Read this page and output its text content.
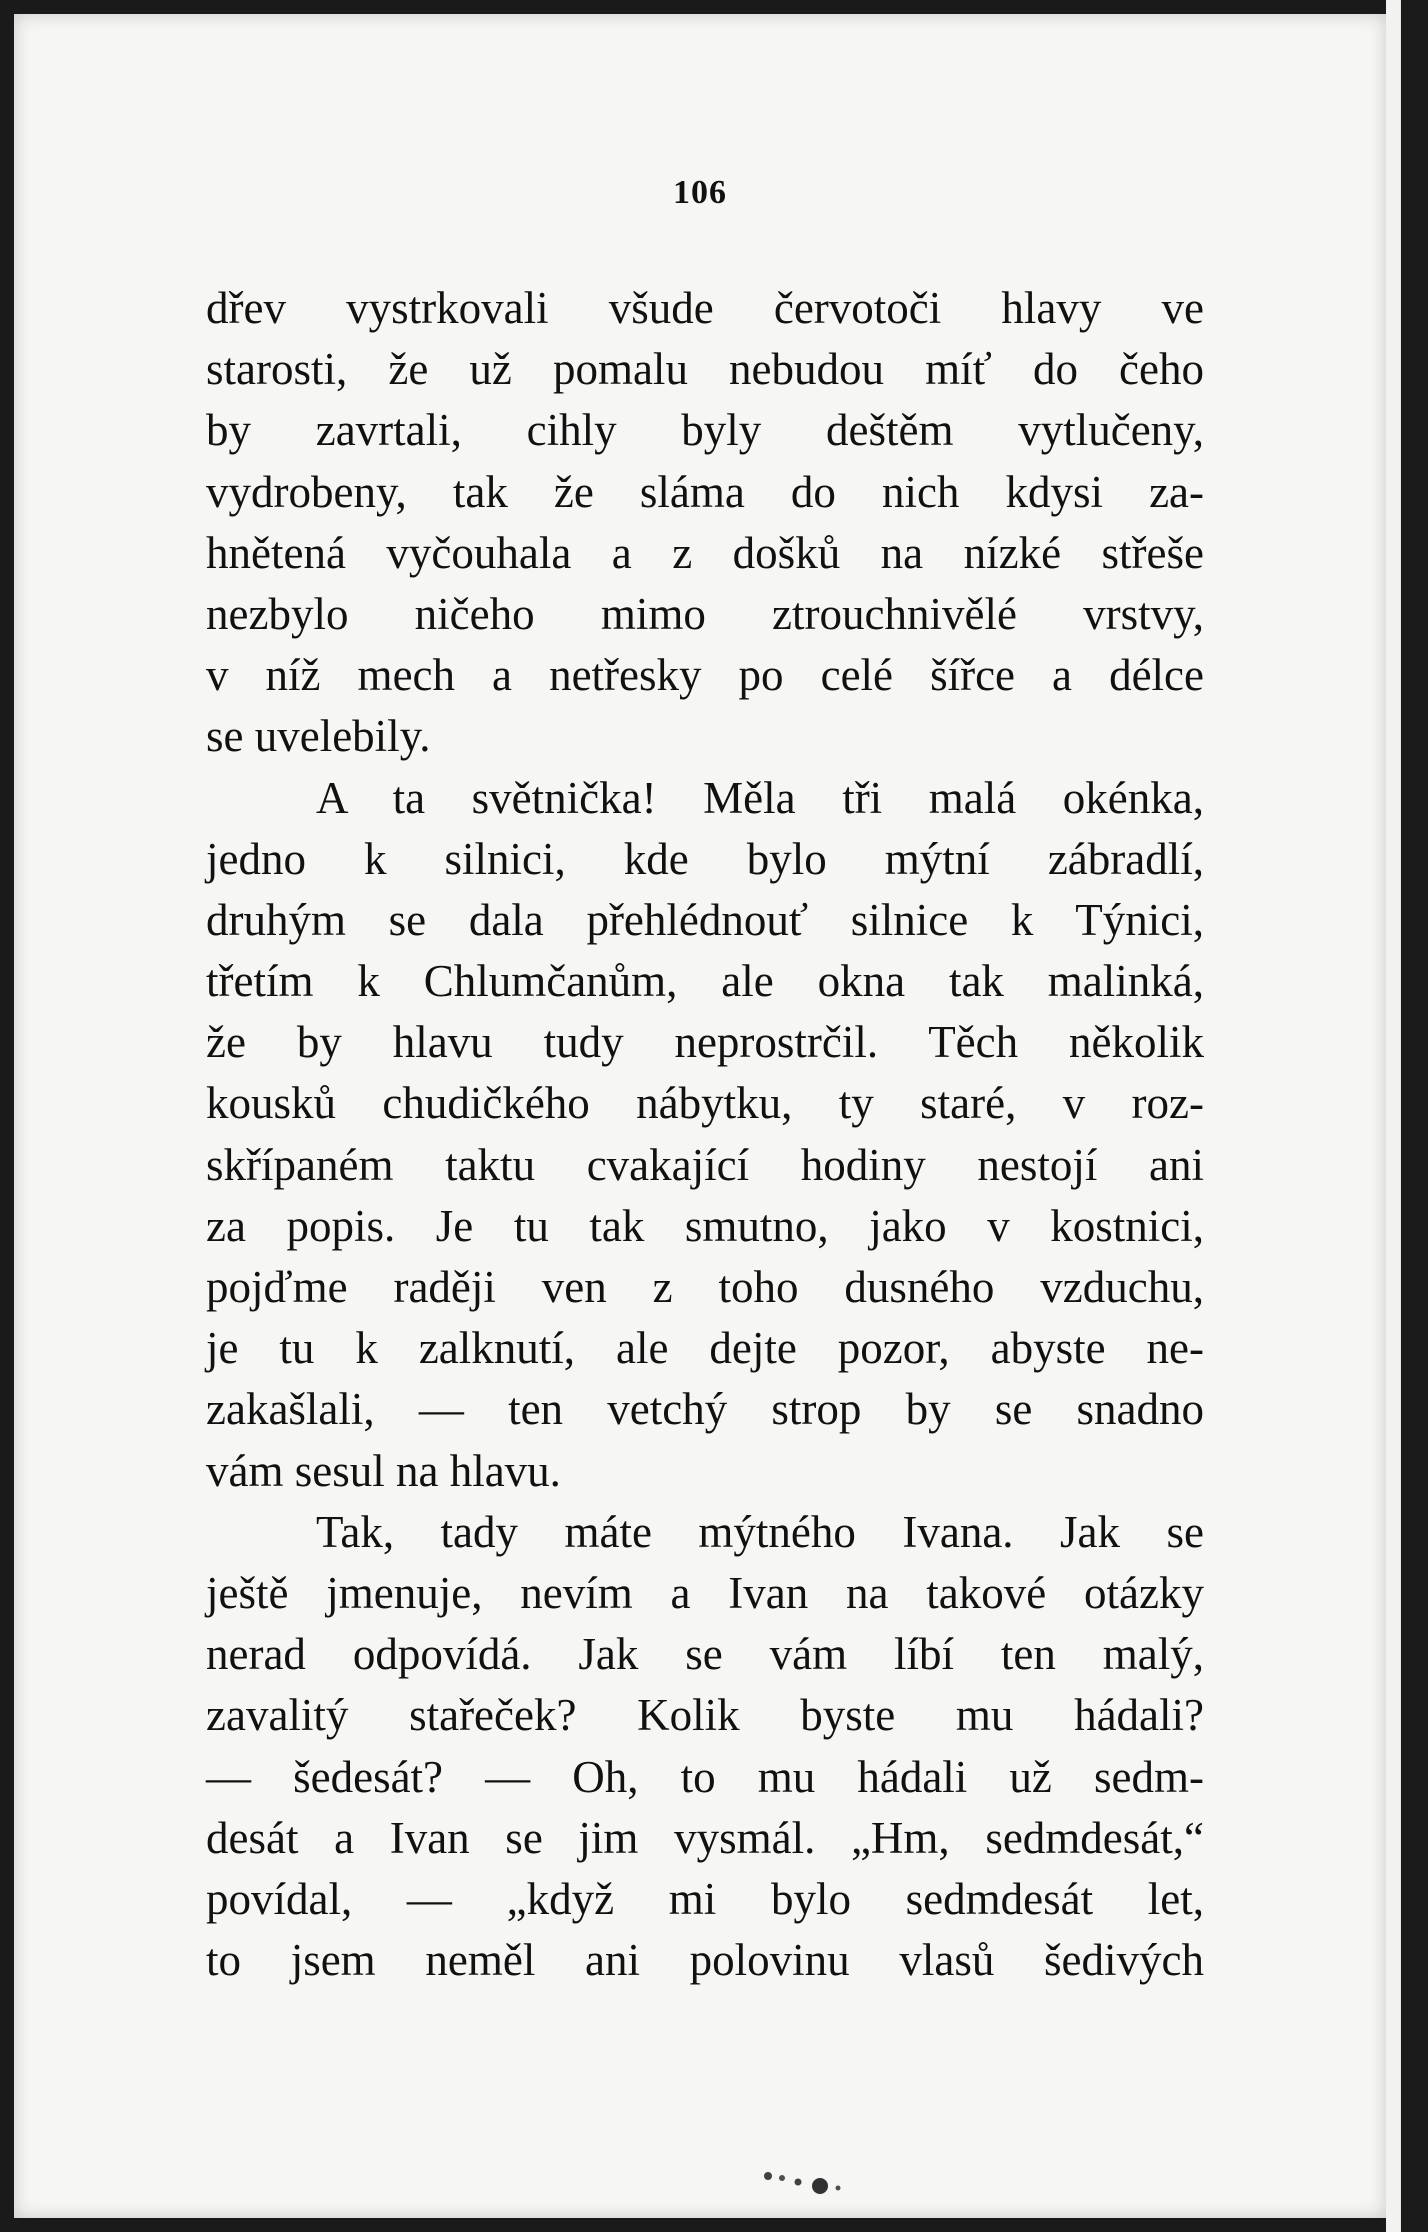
106
dřev vystrkovali všude červotoči hlavy ve
starosti, že už pomalu nebudou míť do čeho
by zavrtali, cihly byly deštěm vytlučeny,
vydrobeny, tak že sláma do nich kdysi za-
hnětená vyčouhala a z došků na nízké střeše
nezbylo ničeho mimo ztrouchnivělé vrstvy,
v níž mech a netřesky po celé šířce a délce
se uvelebily.
A ta světnička! Měla tři malá okénka,
jedno k silnici, kde bylo mýtní zábradlí,
druhým se dala přehlédnouť silnice k Týnici,
třetím k Chlumčanům, ale okna tak malinká,
že by hlavu tudy neprostrčil. Těch několik
kousků chudičkého nábytku, ty staré, v roz-
skřípaném taktu cvakající hodiny nestojí ani
za popis. Je tu tak smutno, jako v kostnici,
pojďme raději ven z toho dusného vzduchu,
je tu k zalknutí, ale dejte pozor, abyste ne-
zakašlali, — ten vetchý strop by se snadno
vám sesul na hlavu.
Tak, tady máte mýtného Ivana. Jak se
ještě jmenuje, nevím a Ivan na takové otázky
nerad odpovídá. Jak se vám líbí ten malý,
zavalitý stařeček? Kolik byste mu hádali?
— šedesát? — Oh, to mu hádali už sedm-
desát a Ivan se jim vysmál. „Hm, sedmdesát,“
povídal, — „když mi bylo sedmdesát let,
to jsem neměl ani polovinu vlasů šedivých
